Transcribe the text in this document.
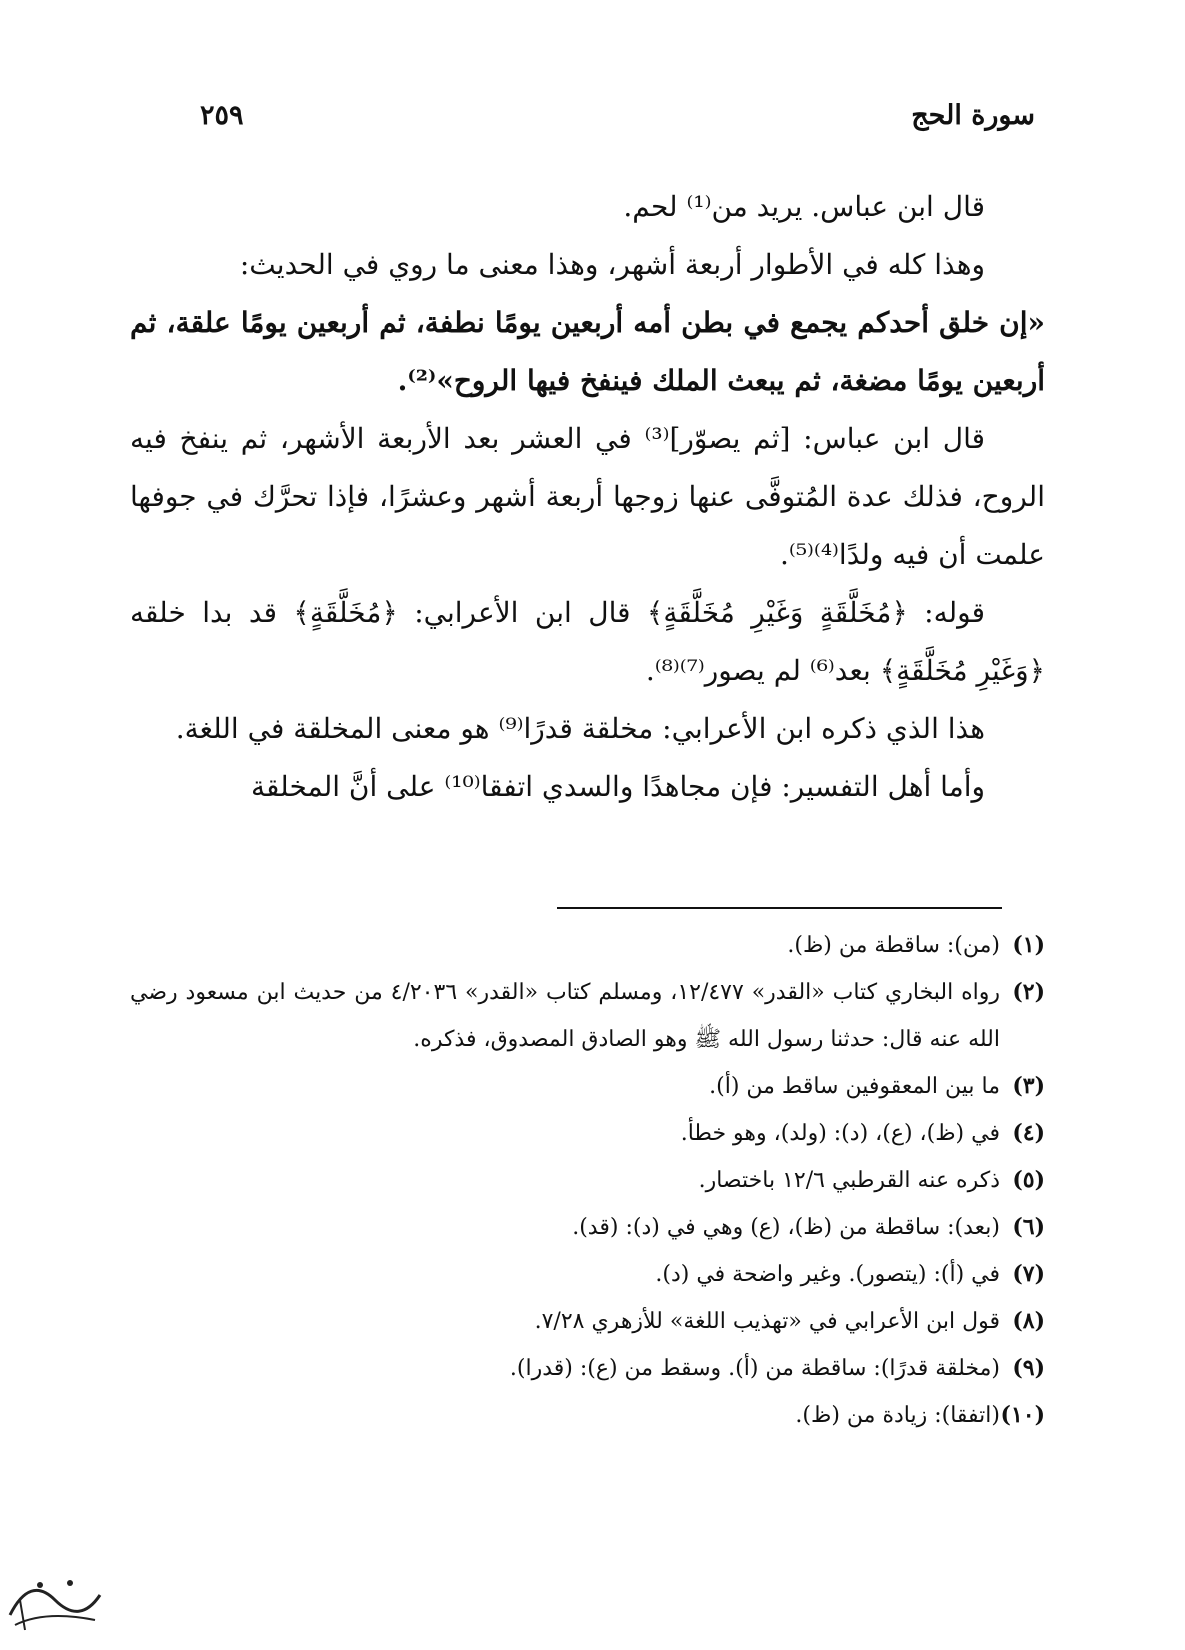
٢٥٩	سورة الحج

قال ابن عباس. يريد من⁽¹⁾ لحم.

وهذا كله في الأطوار أربعة أشهر، وهذا معنى ما روي في الحديث:

«إن خلق أحدكم يجمع في بطن أمه أربعين يومًا نطفة، ثم أربعين يومًا علقة، ثم أربعين يومًا مضغة، ثم يبعث الملك فينفخ فيها الروح»⁽²⁾.

قال ابن عباس: [ثم يصوّر]⁽³⁾ في العشر بعد الأربعة الأشهر، ثم ينفخ فيه الروح، فذلك عدة المُتوفَّى عنها زوجها أربعة أشهر وعشرًا، فإذا تحرَّك في جوفها علمت أن فيه ولدًا⁽⁴⁾⁽⁵⁾.

قوله: ﴿مُخَلَّقَةٍ وَغَيْرِ مُخَلَّقَةٍ﴾ قال ابن الأعرابي: ﴿مُخَلَّقَةٍ﴾ قد بدا خلقه ﴿وَغَيْرِ مُخَلَّقَةٍ﴾ بعد⁽⁶⁾ لم يصور⁽⁷⁾⁽⁸⁾.

هذا الذي ذكره ابن الأعرابي: مخلقة قدرًا⁽⁹⁾ هو معنى المخلقة في اللغة.

وأما أهل التفسير: فإن مجاهدًا والسدي اتفقا⁽¹⁰⁾ على أنَّ المخلقة

(١)
(من): ساقطة من (ظ).
(٢)
رواه البخاري كتاب «القدر» ١٢/٤٧٧، ومسلم كتاب «القدر» ٤/٢٠٣٦ من حديث ابن مسعود رضي الله عنه قال: حدثنا رسول الله ﷺ وهو الصادق المصدوق، فذكره.
(٣)
ما بين المعقوفين ساقط من (أ).
(٤)
في (ظ)، (ع)، (د): (ولد)، وهو خطأ.
(٥)
ذكره عنه القرطبي ١٢/٦ باختصار.
(٦)
(بعد): ساقطة من (ظ)، (ع) وهي في (د): (قد).
(٧)
في (أ): (يتصور). وغير واضحة في (د).
(٨)
قول ابن الأعرابي في «تهذيب اللغة» للأزهري ٧/٢٨.
(٩)
(مخلقة قدرًا): ساقطة من (أ). وسقط من (ع): (قدرا).
(١٠)
(اتفقا): زيادة من (ظ).
